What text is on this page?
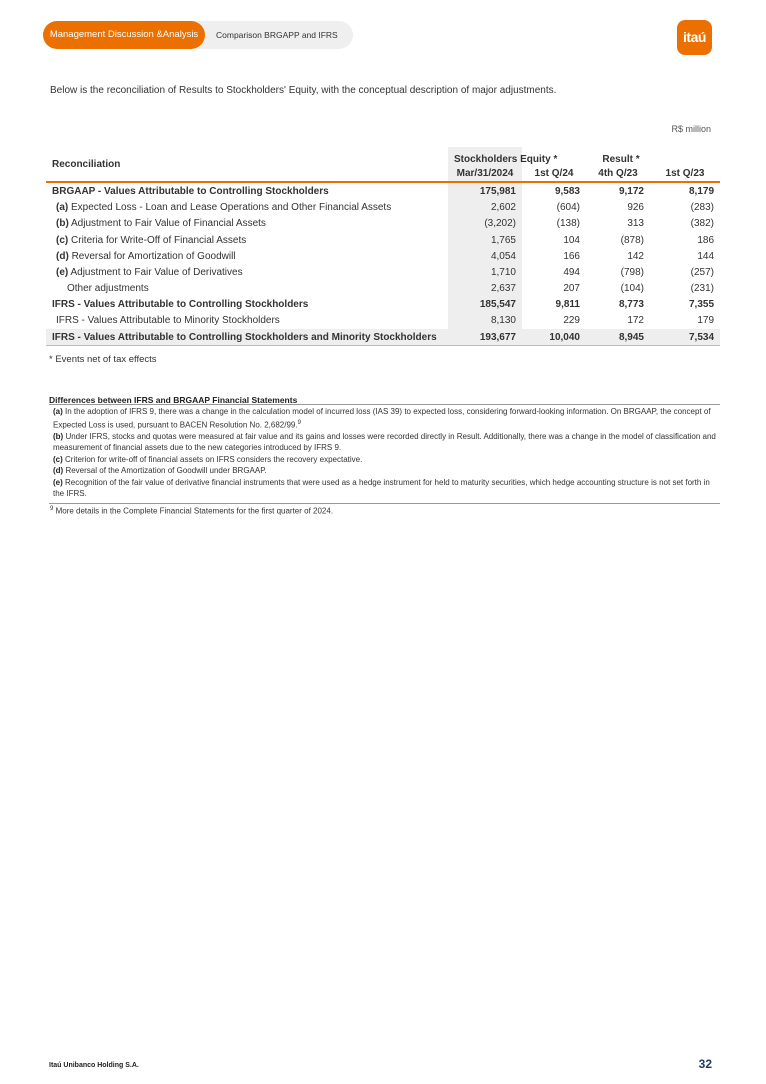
Management Discussion &Analysis	Comparison BRGAPP and IFRS	itaú
Below is the reconciliation of Results to Stockholders' Equity, with the conceptual description of major adjustments.
R$ million
Reconciliation	Stockholders Equity *	Result *		
	Mar/31/2024	1st Q/24	4th Q/23	1st Q/23
BRGAAP - Values Attributable to Controlling Stockholders	175,981	9,583	9,172	8,179
(a) Expected Loss - Loan and Lease Operations and Other Financial Assets	2,602	(604)	926	(283)
(b) Adjustment to Fair Value of Financial Assets	(3,202)	(138)	313	(382)
(c) Criteria for Write-Off of Financial Assets	1,765	104	(878)	186
(d) Reversal for Amortization of Goodwill	4,054	166	142	144
(e) Adjustment to Fair Value of Derivatives	1,710	494	(798)	(257)
Other adjustments	2,637	207	(104)	(231)
IFRS - Values Attributable to Controlling Stockholders	185,547	9,811	8,773	7,355
IFRS - Values Attributable to Minority Stockholders	8,130	229	172	179
IFRS - Values Attributable to Controlling Stockholders and Minority Stockholders	193,677	10,040	8,945	7,534
* Events net of tax effects
Differences between IFRS and BRGAAP Financial Statements

(a) In the adoption of IFRS 9, there was a change in the calculation model of incurred loss (IAS 39) to expected loss, considering forward-looking information. On BRGAAP, the concept of Expected Loss is used, pursuant to BACEN Resolution No. 2,682/99.$^9$

(b) Under IFRS, stocks and quotas were measured at fair value and its gains and losses were recorded directly in Result. Additionally, there was a change in the model of classification and measurement of financial assets due to the new categories introduced by IFRS 9.

(c) Criterion for write-off of financial assets on IFRS considers the recovery expectative.

(d) Reversal of the Amortization of Goodwill under BRGAAP.

(e) Recognition of the fair value of derivative financial instruments that were used as a hedge instrument for held to maturity securities, which hedge accounting structure is not set forth in the IFRS.

$^9$ More details in the Complete Financial Statements for the first quarter of 2024.
Itaú Unibanco Holding S.A.	32
